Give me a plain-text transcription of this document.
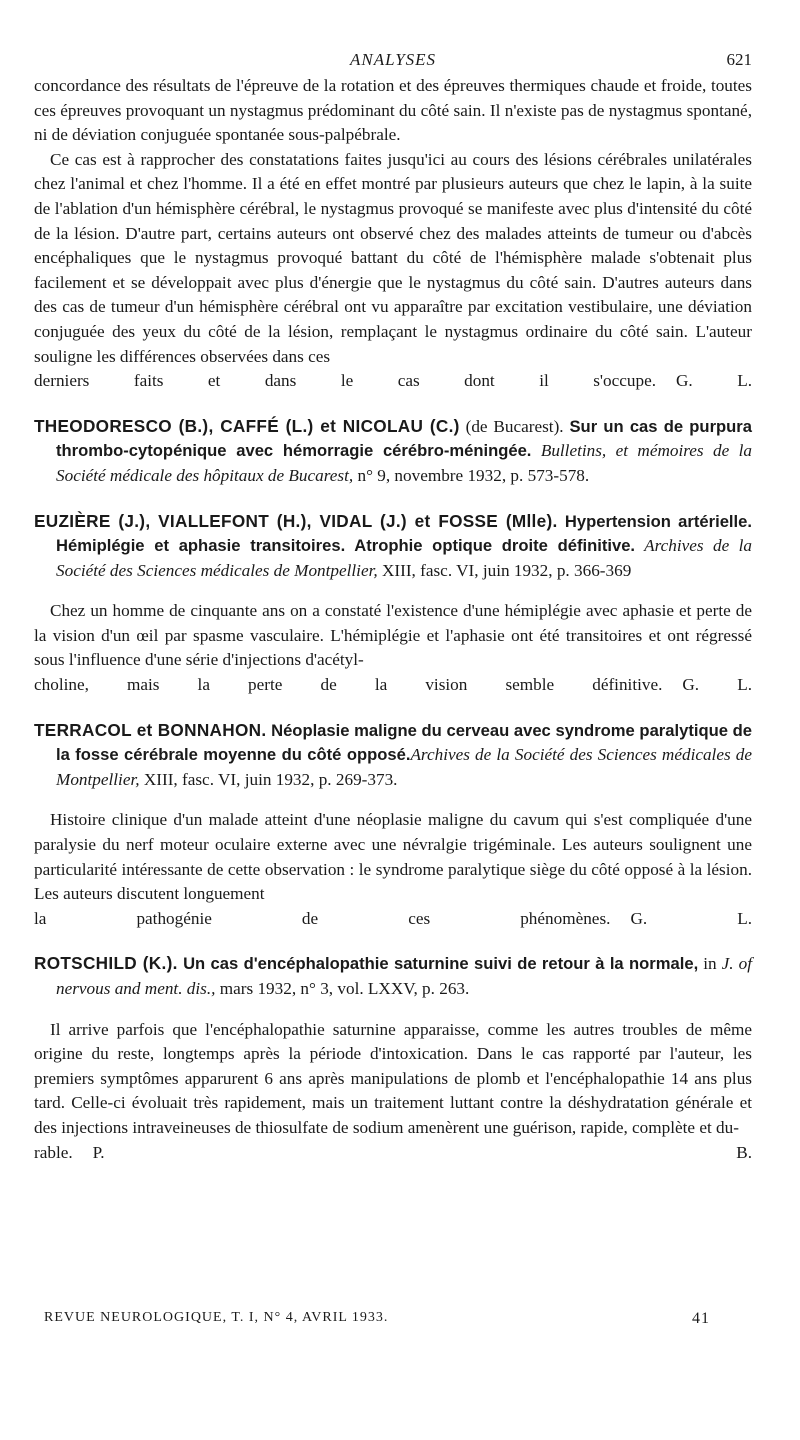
ANALYSES	621

concordance des résultats de l'épreuve de la rotation et des épreuves thermiques chaude et froide, toutes ces épreuves provoquant un nystagmus prédominant du côté sain. Il n'existe pas de nystagmus spontané, ni de déviation conjuguée spontanée sous-palpébrale.

Ce cas est à rapprocher des constatations faites jusqu'ici au cours des lésions cérébrales unilatérales chez l'animal et chez l'homme. Il a été en effet montré par plusieurs auteurs que chez le lapin, à la suite de l'ablation d'un hémisphère cérébral, le nystagmus provoqué se manifeste avec plus d'intensité du côté de la lésion. D'autre part, certains auteurs ont observé chez des malades atteints de tumeur ou d'abcès encéphaliques que le nystagmus provoqué battant du côté de l'hémisphère malade s'obtenait plus facilement et se développait avec plus d'énergie que le nystagmus du côté sain. D'autres auteurs dans des cas de tumeur d'un hémisphère cérébral ont vu apparaître par excitation vestibulaire, une déviation conjuguée des yeux du côté de la lésion, remplaçant le nystagmus ordinaire du côté sain. L'auteur souligne les différences observées dans ces

derniers faits et dans le cas dont il s'occupe. G. L.

THEODORESCO (B.), CAFFÉ (L.) et NICOLAU (C.) (de Bucarest). Sur un cas de purpura thrombo-cytopénique avec hémorragie cérébro-méningée. Bulletins, et mémoires de la Société médicale des hôpitaux de Bucarest, n° 9, novembre 1932, p. 573-578.
EUZIÈRE (J.), VIALLEFONT (H.), VIDAL (J.) et FOSSE (Mlle). Hypertension artérielle. Hémiplégie et aphasie transitoires. Atrophie optique droite définitive. Archives de la Société des Sciences médicales de Montpellier, XIII, fasc. VI, juin 1932, p. 366-369

Chez un homme de cinquante ans on a constaté l'existence d'une hémiplégie avec aphasie et perte de la vision d'un œil par spasme vasculaire. L'hémiplégie et l'aphasie ont été transitoires et ont régressé sous l'influence d'une série d'injections d'acétyl-

choline, mais la perte de la vision semble définitive. G. L.

TERRACOL et BONNAHON. Néoplasie maligne du cerveau avec syndrome paralytique de la fosse cérébrale moyenne du côté opposé.Archives de la Société des Sciences médicales de Montpellier, XIII, fasc. VI, juin 1932, p. 269-373.

Histoire clinique d'un malade atteint d'une néoplasie maligne du cavum qui s'est compliquée d'une paralysie du nerf moteur oculaire externe avec une névralgie trigéminale. Les auteurs soulignent une particularité intéressante de cette observation : le syndrome paralytique siège du côté opposé à la lésion. Les auteurs discutent longuement

la pathogénie de ces phénomènes. G. L.

ROTSCHILD (K.). Un cas d'encéphalopathie saturnine suivi de retour à la normale, in J. of nervous and ment. dis., mars 1932, n° 3, vol. LXXV, p. 263.

Il arrive parfois que l'encéphalopathie saturnine apparaisse, comme les autres troubles de même origine du reste, longtemps après la période d'intoxication. Dans le cas rapporté par l'auteur, les premiers symptômes apparurent 6 ans après manipulations de plomb et l'encéphalopathie 14 ans plus tard. Celle-ci évoluait très rapidement, mais un traitement luttant contre la déshydratation générale et des injections intraveineuses de thiosulfate de sodium amenèrent une guérison, rapide, complète et du-

rable. P. B.

REVUE NEUROLOGIQUE, T. I, N° 4, AVRIL 1933.	41
